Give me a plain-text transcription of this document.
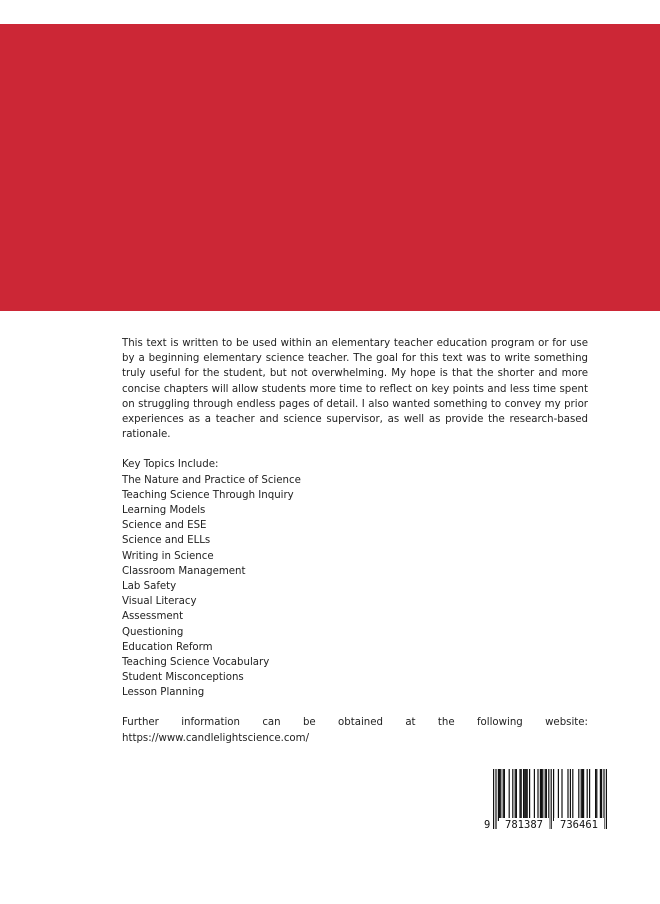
This text is written to be used within an elementary teacher education program or for use by a beginning elementary science teacher. The goal for this text was to write something truly useful for the student, but not overwhelming. My hope is that the shorter and more concise chapters will allow students more time to reflect on key points and less time spent on struggling through endless pages of detail. I also wanted something to convey my prior experiences as a teacher and science supervisor, as well as provide the research-based rationale.

Key Topics Include:

The Nature and Practice of Science
Teaching Science Through Inquiry
Learning Models
Science and ESE
Science and ELLs
Writing in Science
Classroom Management
Lab Safety
Visual Literacy
Assessment
Questioning
Education Reform
Teaching Science Vocabulary
Student Misconceptions
Lesson Planning
Further information can be obtained at the following website:
https://www.candlelightscience.com/
9	781387	736461
